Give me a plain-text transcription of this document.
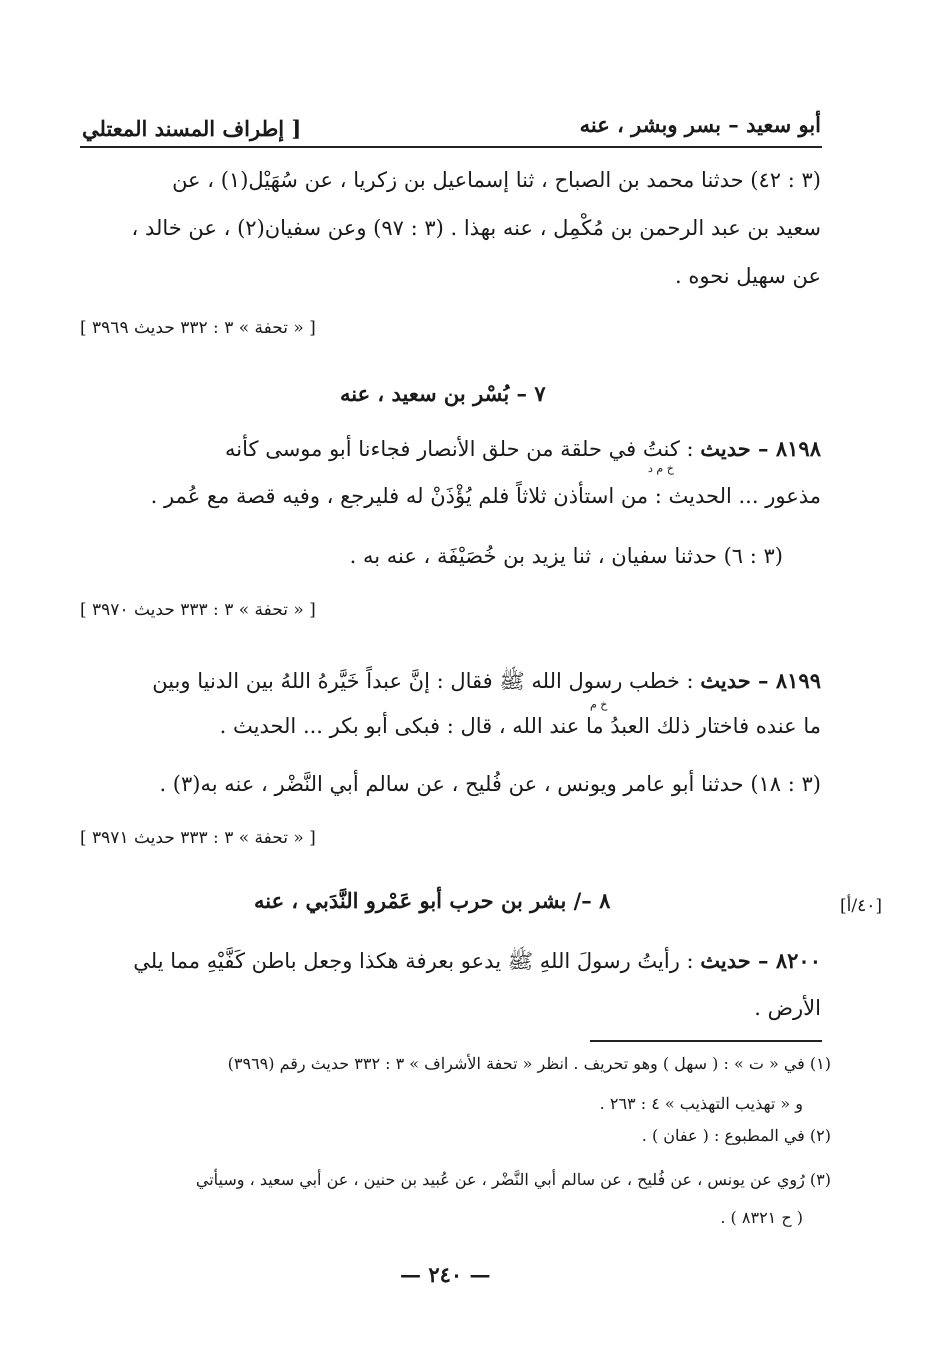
أبو سعيد – بسر وبشر ، عنه
[ إطراف المسند المعتلي
(٣ : ٤٢) حدثنا محمد بن الصباح ، ثنا إسماعيل بن زكريا ، عن سُهَيْل(١) ، عن
سعيد بن عبد الرحمن بن مُكْمِل ، عنه بهذا . (٣ : ٩٧) وعن سفيان(٢) ، عن خالد ،
عن سهيل نحوه .
[ « تحفة » ٣ : ٣٣٢ حديث ٣٩٦٩ ]
٧ – بُسْر بن سعيد ، عنه
٨١٩٨ – حديث : كنتُ في حلقة من حلق الأنصار فجاءنا أبو موسى كأنه
خ م د
مذعور ... الحديث : من استأذن ثلاثاً فلم يُؤْذَنْ له فليرجع ، وفيه قصة مع عُمر .
(٣ : ٦) حدثنا سفيان ، ثنا يزيد بن خُصَيْفَة ، عنه به .
[ « تحفة » ٣ : ٣٣٣ حديث ٣٩٧٠ ]
٨١٩٩ – حديث : خطب رسول الله ﷺ فقال : إنَّ عبداً خَيَّرهُ اللهُ بين الدنيا وبين
خ م
ما عنده فاختار ذلك العبدُ ما عند الله ، قال : فبكى أبو بكر ... الحديث .
(٣ : ١٨) حدثنا أبو عامر ويونس ، عن فُليح ، عن سالم أبي النَّضْر ، عنه به(٣) .
[ « تحفة » ٣ : ٣٣٣ حديث ٣٩٧١ ]
[٤٠/أ]
٨ –/ بشر بن حرب أبو عَمْرو النَّدَبي ، عنه
٨٢٠٠ – حديث : رأيتُ رسولَ اللهِ ﷺ يدعو بعرفة هكذا وجعل باطن كَفَّيْهِ مما يلي
الأرض .
(١) في « ت » : ( سهل ) وهو تحريف . انظر « تحفة الأشراف » ٣ : ٣٣٢ حديث رقم (٣٩٦٩)
و « تهذيب التهذيب » ٤ : ٢٦٣ .
(٢) في المطبوع : ( عفان ) .
(٣) رُوي عن يونس ، عن فُليح ، عن سالم أبي النَّضْر ، عن عُبيد بن حنين ، عن أبي سعيد ، وسيأتي
( ح ٨٣٢١ ) .
— ٢٤٠ —
